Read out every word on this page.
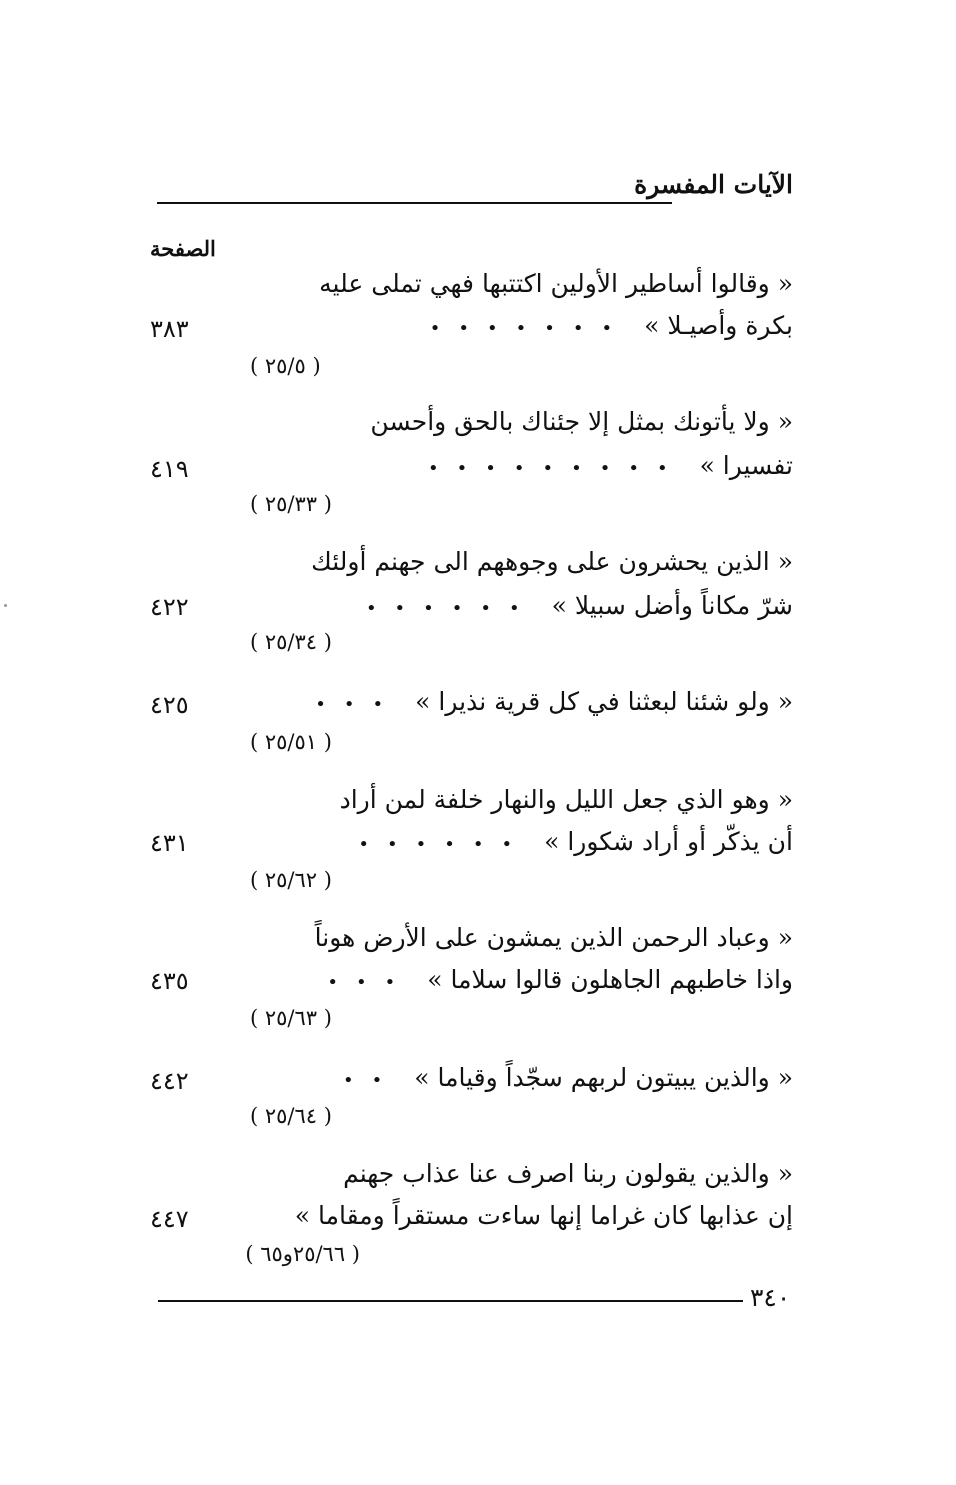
الآيات المفسرة
الصفحة
« وقالوا أساطير الأولين اكتتبها فهي تملى عليه
بكرة وأصيـلا »•••••••
٣٨٣
( ٢٥/٥ )
« ولا يأتونك بمثل إلا جئناك بالحق وأحسن
تفسيرا »•••••••••
٤١٩
( ٢٥/٣٣ )
« الذين يحشرون على وجوههم الى جهنم أولئك
شرّ مكاناً وأضل سبيلا »••••••
٤٢٢
( ٢٥/٣٤ )
« ولو شئنا لبعثنا في كل قرية نذيرا »•••
٤٢٥
( ٢٥/٥١ )
« وهو الذي جعل الليل والنهار خلفة لمن أراد
أن يذكّر أو أراد شكورا »••••••
٤٣١
( ٢٥/٦٢ )
« وعباد الرحمن الذين يمشون على الأرض هوناً
واذا خاطبهم الجاهلون قالوا سلاما »•••
٤٣٥
( ٢٥/٦٣ )
« والذين يبيتون لربهم سجّداً وقياما »••
٤٤٢
( ٢٥/٦٤ )
« والذين يقولون ربنا اصرف عنا عذاب جهنم
إن عذابها كان غراما إنها ساءت مستقراً ومقاما »
٤٤٧
( ٢٥/٦٦و٦٥ )
٣٤٠
